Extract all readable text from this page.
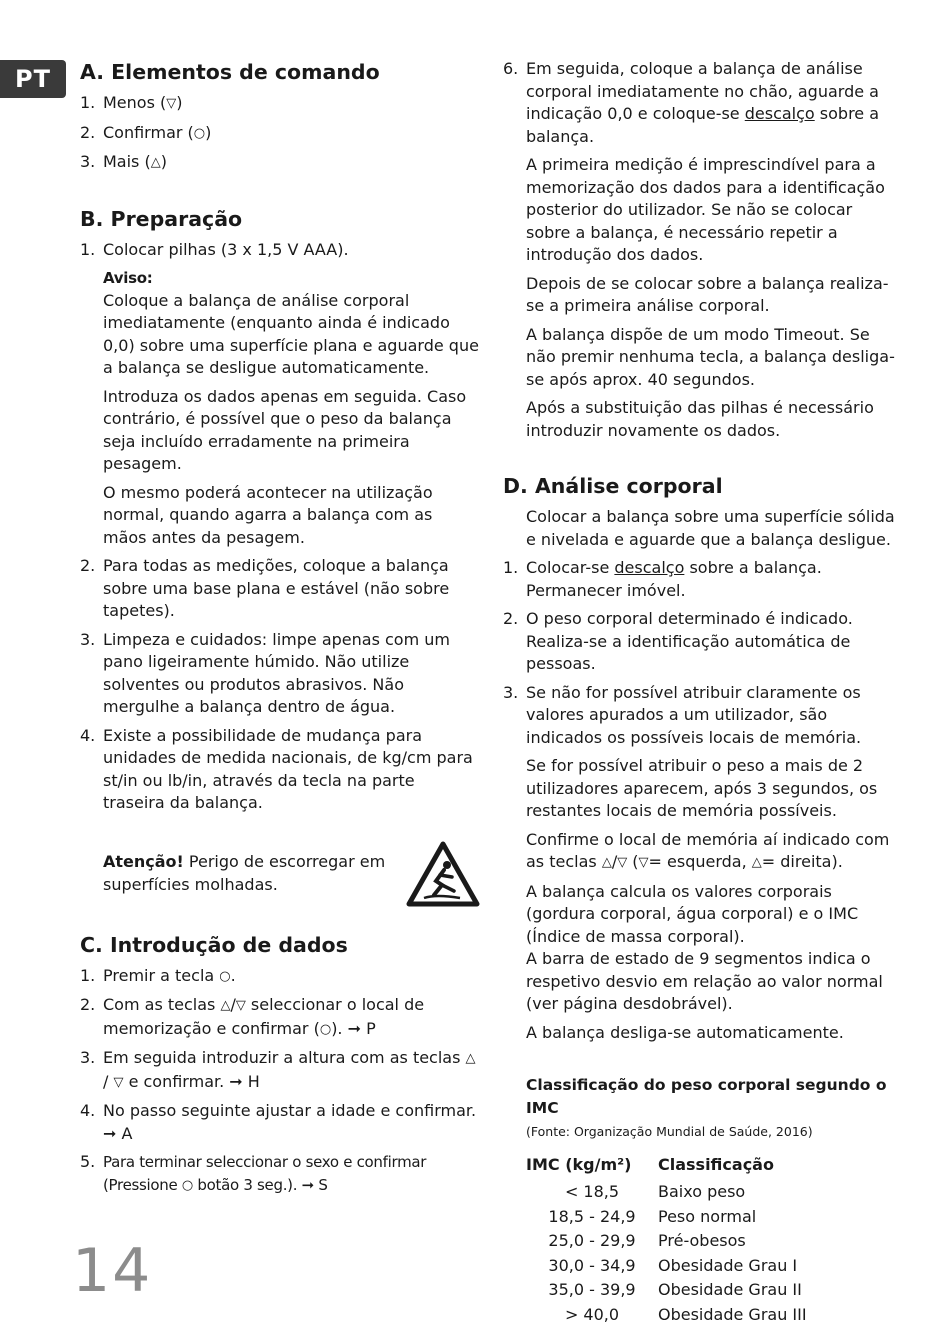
PT	A. Elementos de comando
1. Menos (▽)
2. Confirmar (○)
3. Mais (△)
B. Preparação
1. Colocar pilhas (3 x 1,5 V AAA).

Aviso:

Coloque a balança de análise corporal imediatamente (enquanto ainda é indicado 0,0) sobre uma superfície plana e aguarde que a balança se desligue automaticamente.

Introduza os dados apenas em seguida. Caso contrário, é possível que o peso da balança seja incluído erradamente na primeira pesagem.

O mesmo poderá acontecer na utilização normal, quando agarra a balança com as mãos antes da pesagem.

2. Para todas as medições, coloque a balança sobre uma base plana e estável (não sobre tapetes).
3. Limpeza e cuidados: limpe apenas com um pano ligeiramente húmido. Não utilize solventes ou produtos abrasivos. Não mergulhe a balança dentro de água.
4. Existe a possibilidade de mudança para unidades de medida nacionais, de kg/cm para st/in ou lb/in, através da tecla na parte traseira da balança.
Atenção! Perigo de escorregar em superfícies molhadas.
C. Introdução de dados
1. Premir a tecla ○.
2. Com as teclas △/▽ seleccionar o local de memorização e confirmar (○). ➞ P
3. Em seguida introduzir a altura com as teclas △/ ▽ e confirmar. ➞ H
4. No passo seguinte ajustar a idade e confirmar. ➞ A
5. Para terminar seleccionar o sexo e confirmar (Pressione ○ botão 3 seg.). ➞ S
6. Em seguida, coloque a balança de análise corporal imediatamente no chão, aguarde a indicação 0,0 e coloque-se descalço sobre a balança.

A primeira medição é imprescindível para a memorização dos dados para a identificação posterior do utilizador. Se não se colocar sobre a balança, é necessário repetir a introdução dos dados.

Depois de se colocar sobre a balança realiza-se a primeira análise corporal.

A balança dispõe de um modo Timeout. Se não premir nenhuma tecla, a balança desliga-se após aprox. 40 segundos.

Após a substituição das pilhas é necessário introduzir novamente os dados.

D. Análise corporal

Colocar a balança sobre uma superfície sólida e nivelada e aguarde que a balança desligue.

1. Colocar-se descalço sobre a balança. Permanecer imóvel.
2. O peso corporal determinado é indicado. Realiza-se a identificação automática de pessoas.
3. Se não for possível atribuir claramente os valores apurados a um utilizador, são indicados os possíveis locais de memória.

Se for possível atribuir o peso a mais de 2 utilizadores aparecem, após 3 segundos, os restantes locais de memória possíveis.

Confirme o local de memória aí indicado com as teclas △/▽ (▽= esquerda, △= direita).

A balança calcula os valores corporais (gordura corporal, água corporal) e o IMC (Índice de massa corporal).

A barra de estado de 9 segmentos indica o respetivo desvio em relação ao valor normal (ver página desdobrável).

A balança desliga-se automaticamente.

Classificação do peso corporal segundo o IMC

(Fonte: Organização Mundial de Saúde, 2016)

IMC (kg/m²)	Classificação
< 18,5	Baixo peso
18,5 - 24,9	Peso normal
25,0 - 29,9	Pré-obesos
30,0 - 34,9	Obesidade Grau I
35,0 - 39,9	Obesidade Grau II
> 40,0	Obesidade Grau III
14
